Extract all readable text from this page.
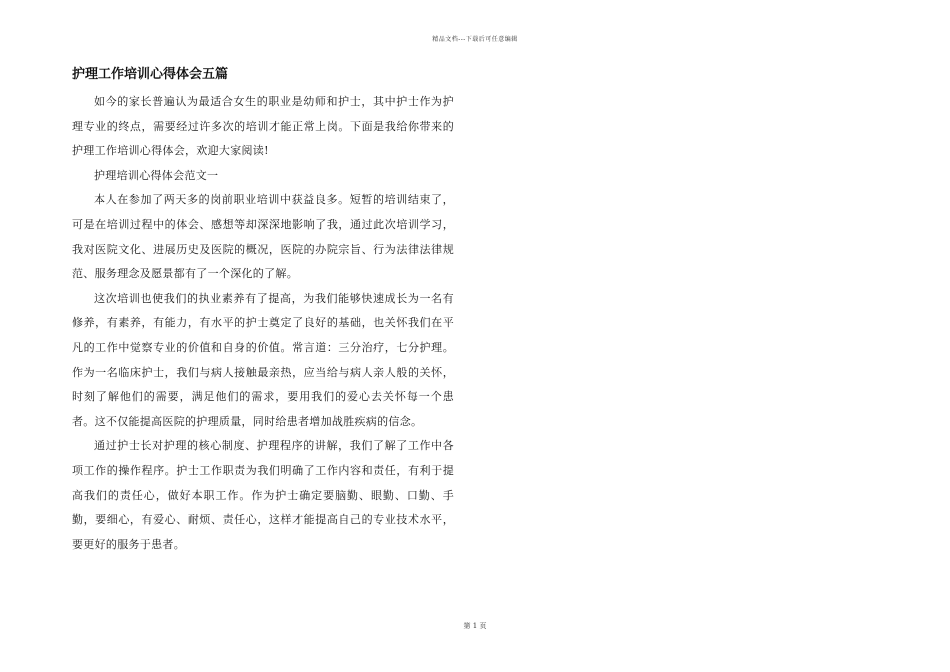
精品文档---下载后可任意编辑
护理工作培训心得体会五篇

如今的家长普遍认为最适合女生的职业是幼师和护士，其中护士作为护理专业的终点，需要经过许多次的培训才能正常上岗。下面是我给你带来的护理工作培训心得体会，欢迎大家阅读!

护理培训心得体会范文一

本人在参加了两天多的岗前职业培训中获益良多。短暂的培训结束了，可是在培训过程中的体会、感想等却深深地影响了我，通过此次培训学习，我对医院文化、进展历史及医院的概况，医院的办院宗旨、行为法律法律规范、服务理念及愿景都有了一个深化的了解。

这次培训也使我们的执业素养有了提高，为我们能够快速成长为一名有修养，有素养，有能力，有水平的护士奠定了良好的基础，也关怀我们在平凡的工作中觉察专业的价值和自身的价值。常言道：三分治疗，七分护理。作为一名临床护士，我们与病人接触最亲热，应当给与病人亲人般的关怀，时刻了解他们的需要，满足他们的需求，要用我们的爱心去关怀每一个患者。这不仅能提高医院的护理质量，同时给患者增加战胜疾病的信念。

通过护士长对护理的核心制度、护理程序的讲解，我们了解了工作中各项工作的操作程序。护士工作职责为我们明确了工作内容和责任，有利于提高我们的责任心，做好本职工作。作为护士确定要脑勤、眼勤、口勤、手勤，要细心，有爱心、耐烦、责任心，这样才能提高自己的专业技术水平，要更好的服务于患者。

第 1 页
